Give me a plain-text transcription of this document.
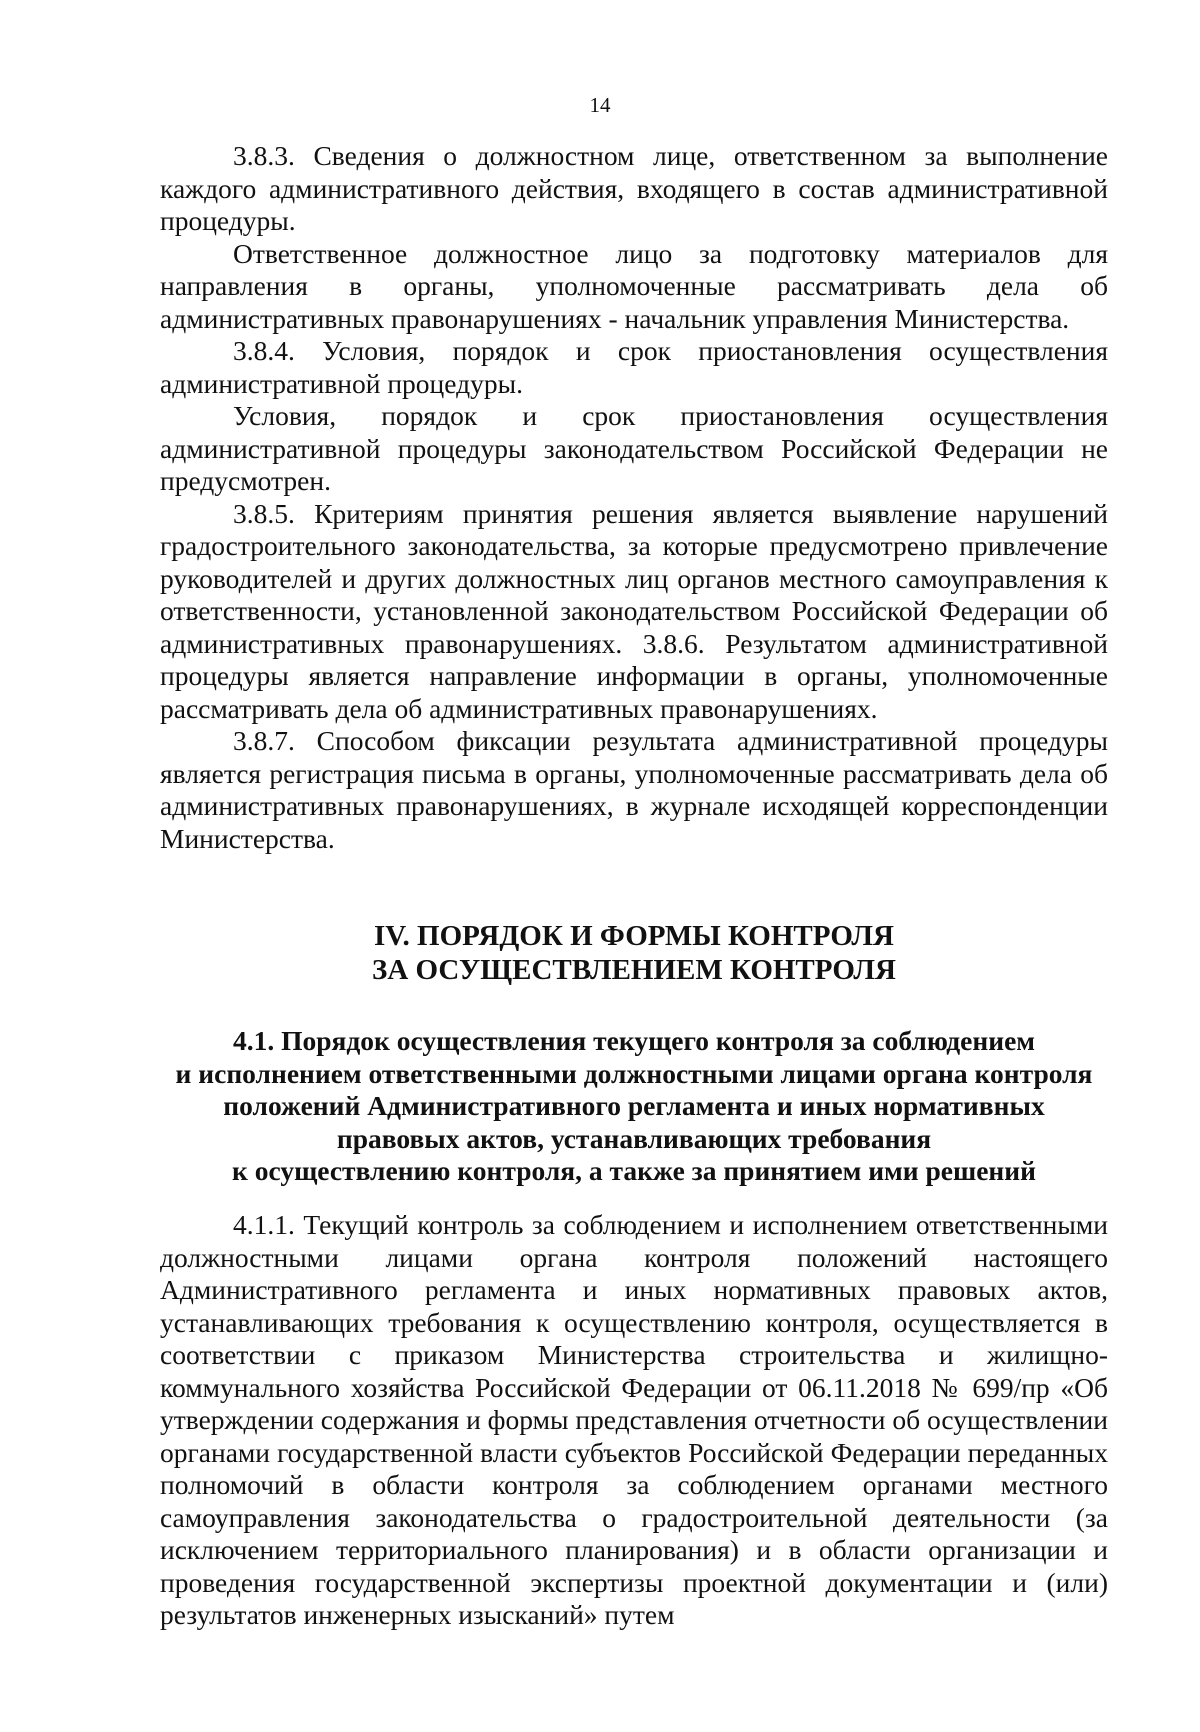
14

3.8.3. Сведения о должностном лице, ответственном за выполнение каждого административного действия, входящего в состав административной процедуры.

Ответственное должностное лицо за подготовку материалов для направления в органы, уполномоченные рассматривать дела об административных правонарушениях - начальник управления Министерства.

3.8.4. Условия, порядок и срок приостановления осуществления административной процедуры.

Условия, порядок и срок приостановления осуществления административной процедуры законодательством Российской Федерации не предусмотрен.

3.8.5. Критериям принятия решения является выявление нарушений градостроительного законодательства, за которые предусмотрено привлечение руководителей и других должностных лиц органов местного самоуправления к ответственности, установленной законодательством Российской Федерации об административных правонарушениях. 3.8.6. Результатом административной процедуры является направление информации в органы, уполномоченные рассматривать дела об административных правонарушениях.

3.8.7. Способом фиксации результата административной процедуры является регистрация письма в органы, уполномоченные рассматривать дела об административных правонарушениях, в журнале исходящей корреспонденции Министерства.

IV. ПОРЯДОК И ФОРМЫ КОНТРОЛЯ
ЗА ОСУЩЕСТВЛЕНИЕМ КОНТРОЛЯ
4.1. Порядок осуществления текущего контроля за соблюдением
и исполнением ответственными должностными лицами органа контроля
положений Административного регламента и иных нормативных
правовых актов, устанавливающих требования
к осуществлению контроля, а также за принятием ими решений

4.1.1. Текущий контроль за соблюдением и исполнением ответственными должностными лицами органа контроля положений настоящего Административного регламента и иных нормативных правовых актов, устанавливающих требования к осуществлению контроля, осуществляется в соответствии с приказом Министерства строительства и жилищно-коммунального хозяйства Российской Федерации от 06.11.2018 № 699/пр «Об утверждении содержания и формы представления отчетности об осуществлении органами государственной власти субъектов Российской Федерации переданных полномочий в области контроля за соблюдением органами местного самоуправления законодательства о градостроительной деятельности (за исключением территориального планирования) и в области организации и проведения государственной экспертизы проектной документации и (или) результатов инженерных изысканий» путем
